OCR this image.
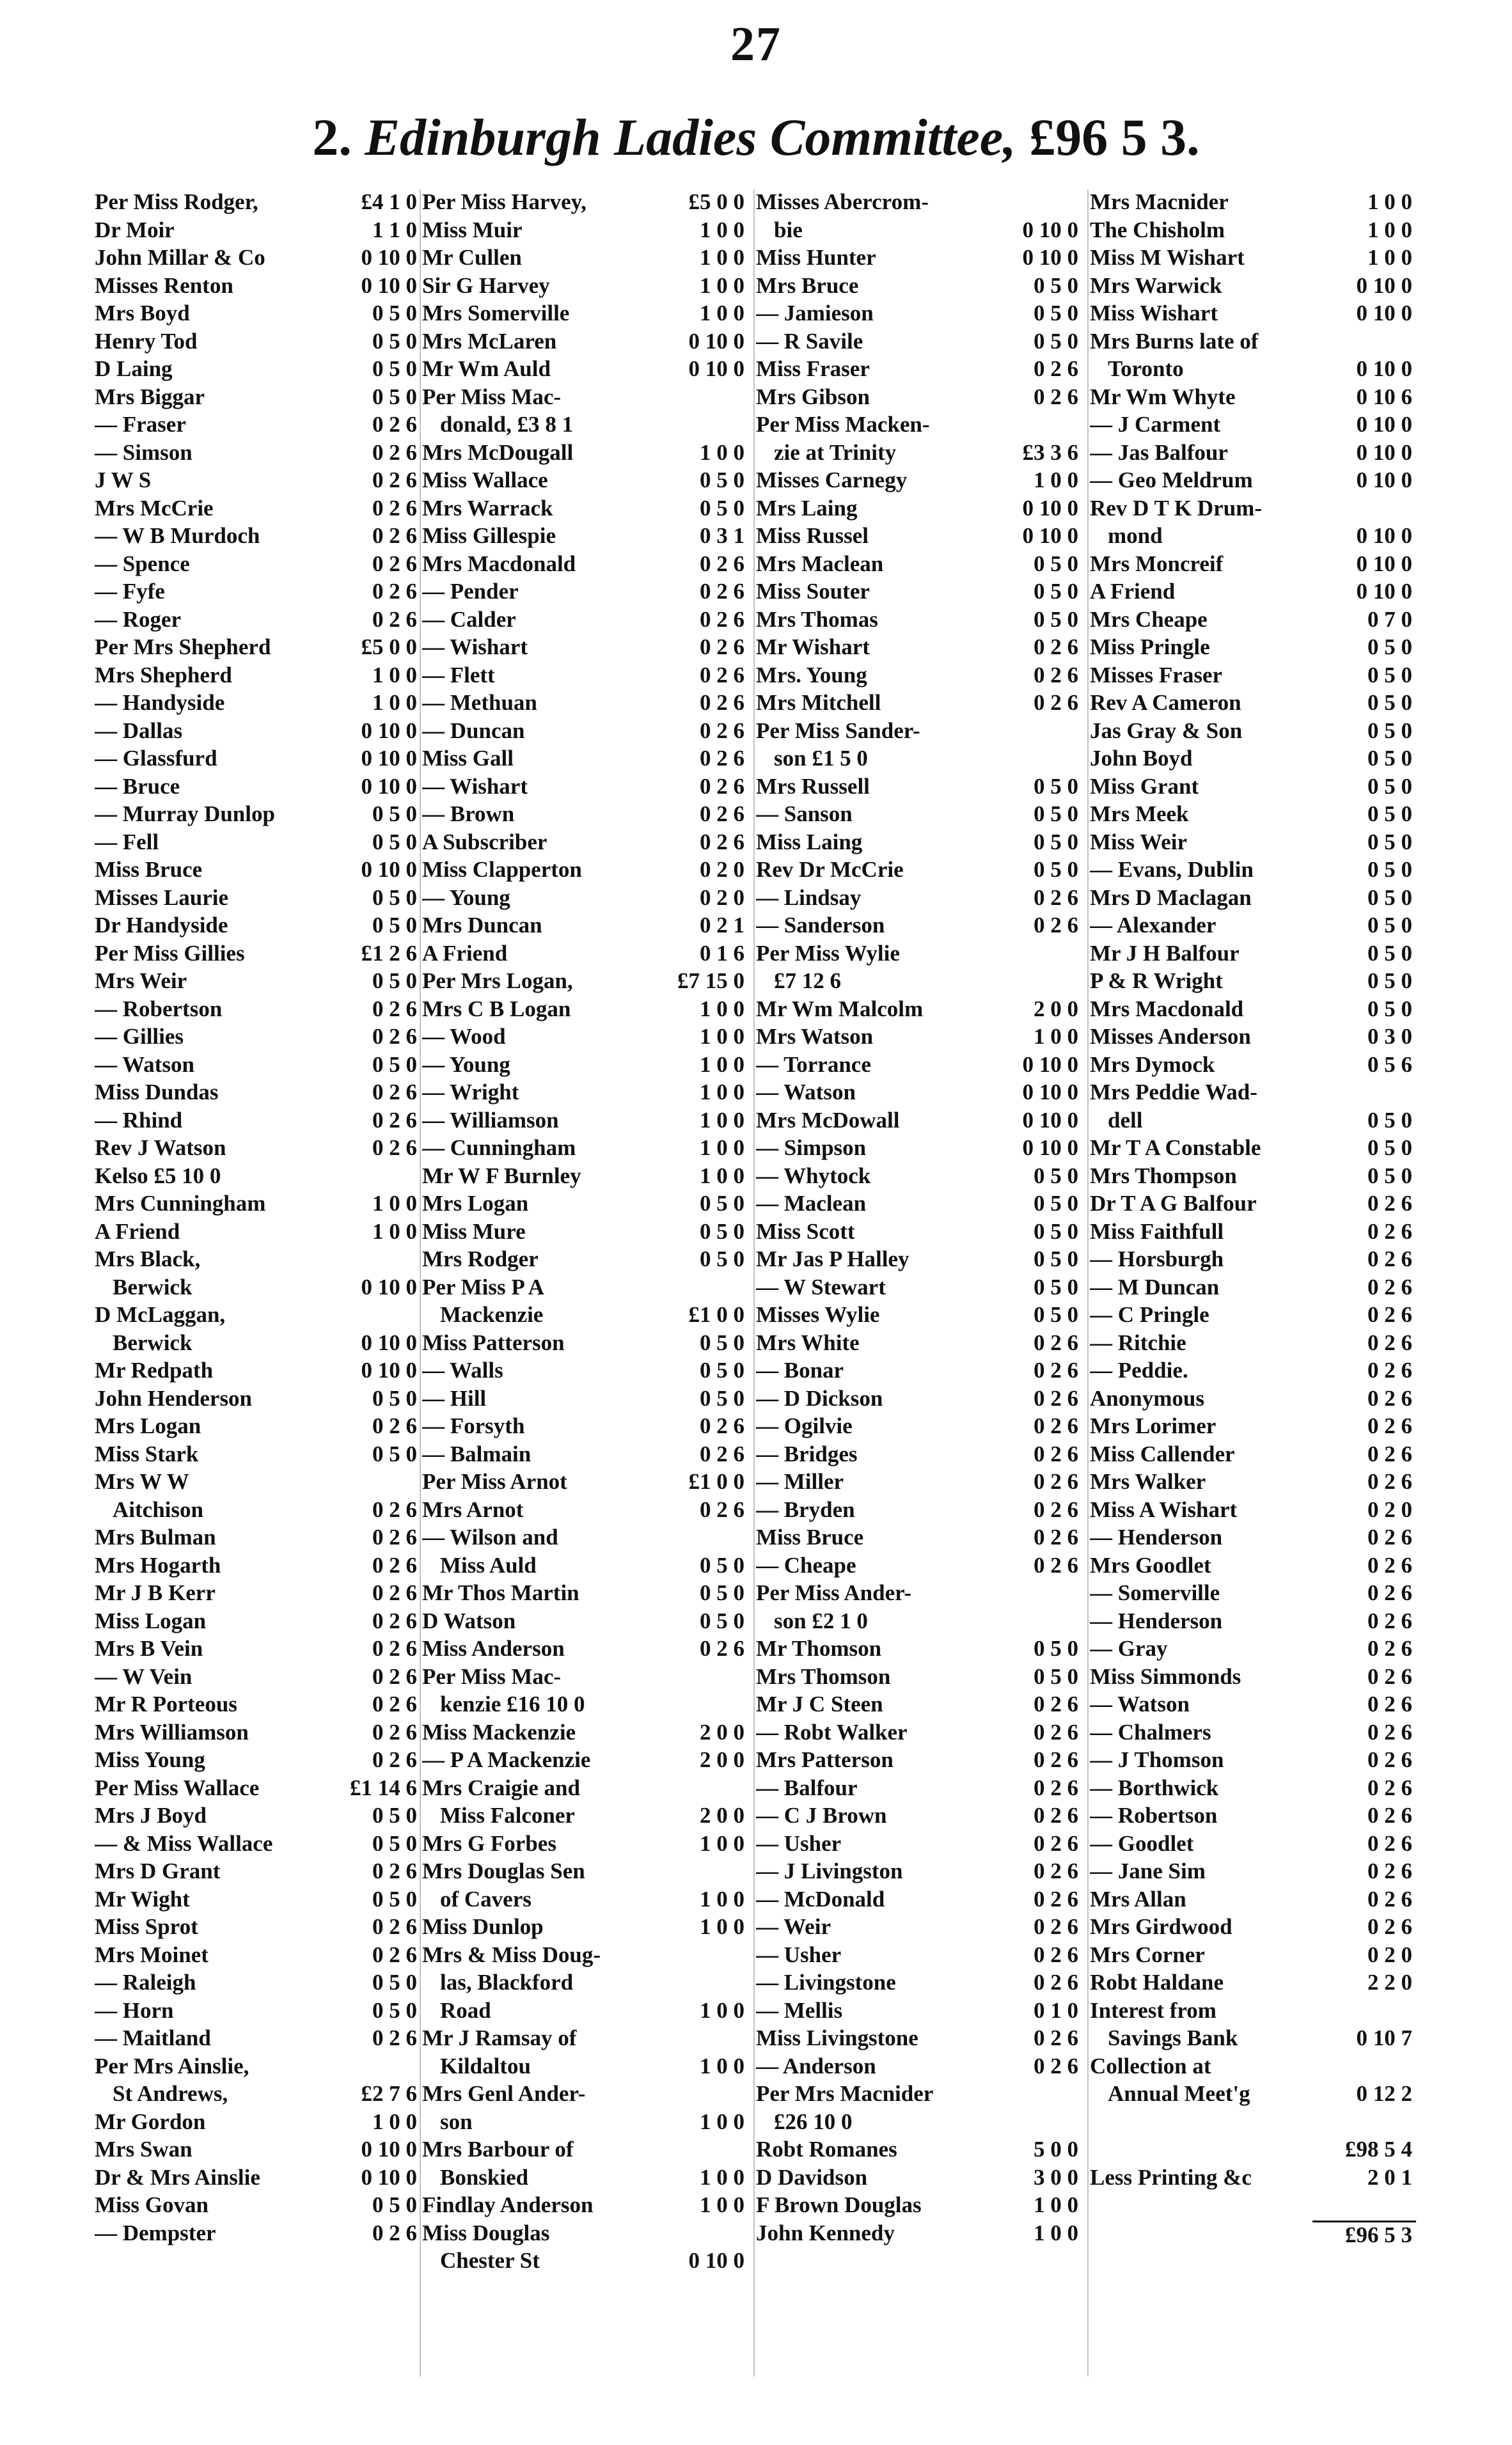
27
2. Edinburgh Ladies Committee, £96 5 3.
Per Miss Rodger,	£4 1 0
Dr Moir	1 1 0
John Millar & Co	0 10 0
Misses Renton	0 10 0
Mrs Boyd	0 5 0
Henry Tod	0 5 0
D Laing	0 5 0
Mrs Biggar	0 5 0
— Fraser	0 2 6
— Simson	0 2 6
J W S	0 2 6
Mrs McCrie	0 2 6
— W B Murdoch	0 2 6
— Spence	0 2 6
— Fyfe	0 2 6
— Roger	0 2 6
Per Mrs Shepherd	£5 0 0
Mrs Shepherd	1 0 0
— Handyside	1 0 0
— Dallas	0 10 0
— Glassfurd	0 10 0
— Bruce	0 10 0
— Murray Dunlop	0 5 0
— Fell	0 5 0
Miss Bruce	0 10 0
Misses Laurie	0 5 0
Dr Handyside	0 5 0
Per Miss Gillies	£1 2 6
Mrs Weir	0 5 0
— Robertson	0 2 6
— Gillies	0 2 6
— Watson	0 5 0
Miss Dundas	0 2 6
— Rhind	0 2 6
Rev J Watson	0 2 6
Kelso £5 10 0
Mrs Cunningham	1 0 0
A Friend	1 0 0
Mrs Black,
Berwick	0 10 0
D McLaggan,
Berwick	0 10 0
Mr Redpath	0 10 0
John Henderson	0 5 0
Mrs Logan	0 2 6
Miss Stark	0 5 0
Mrs W W
Aitchison	0 2 6
Mrs Bulman	0 2 6
Mrs Hogarth	0 2 6
Mr J B Kerr	0 2 6
Miss Logan	0 2 6
Mrs B Vein	0 2 6
— W Vein	0 2 6
Mr R Porteous	0 2 6
Mrs Williamson	0 2 6
Miss Young	0 2 6
Per Miss Wallace	£1 14 6
Mrs J Boyd	0 5 0
— & Miss Wallace	0 5 0
Mrs D Grant	0 2 6
Mr Wight	0 5 0
Miss Sprot	0 2 6
Mrs Moinet	0 2 6
— Raleigh	0 5 0
— Horn	0 5 0
— Maitland	0 2 6
Per Mrs Ainslie,
St Andrews,	£2 7 6
Mr Gordon	1 0 0
Mrs Swan	0 10 0
Dr & Mrs Ainslie	0 10 0
Miss Govan	0 5 0
— Dempster	0 2 6
Per Miss Harvey,	£5 0 0
Miss Muir	1 0 0
Mr Cullen	1 0 0
Sir G Harvey	1 0 0
Mrs Somerville	1 0 0
Mrs McLaren	0 10 0
Mr Wm Auld	0 10 0
Per Miss Mac-
donald, £3 8 1
Mrs McDougall	1 0 0
Miss Wallace	0 5 0
Mrs Warrack	0 5 0
Miss Gillespie	0 3 1
Mrs Macdonald	0 2 6
— Pender	0 2 6
— Calder	0 2 6
— Wishart	0 2 6
— Flett	0 2 6
— Methuan	0 2 6
— Duncan	0 2 6
Miss Gall	0 2 6
— Wishart	0 2 6
— Brown	0 2 6
A Subscriber	0 2 6
Miss Clapperton	0 2 0
— Young	0 2 0
Mrs Duncan	0 2 1
A Friend	0 1 6
Per Mrs Logan,	£7 15 0
Mrs C B Logan	1 0 0
— Wood	1 0 0
— Young	1 0 0
— Wright	1 0 0
— Williamson	1 0 0
— Cunningham	1 0 0
Mr W F Burnley	1 0 0
Mrs Logan	0 5 0
Miss Mure	0 5 0
Mrs Rodger	0 5 0
Per Miss P A
Mackenzie	£1 0 0
Miss Patterson	0 5 0
— Walls	0 5 0
— Hill	0 5 0
— Forsyth	0 2 6
— Balmain	0 2 6
Per Miss Arnot	£1 0 0
Mrs Arnot	0 2 6
— Wilson and
Miss Auld	0 5 0
Mr Thos Martin	0 5 0
D Watson	0 5 0
Miss Anderson	0 2 6
Per Miss Mac-
kenzie £16 10 0
Miss Mackenzie	2 0 0
— P A Mackenzie	2 0 0
Mrs Craigie and
Miss Falconer	2 0 0
Mrs G Forbes	1 0 0
Mrs Douglas Sen
of Cavers	1 0 0
Miss Dunlop	1 0 0
Mrs & Miss Doug-
las, Blackford
Road	1 0 0
Mr J Ramsay of
Kildaltou	1 0 0
Mrs Genl Ander-
son	1 0 0
Mrs Barbour of
Bonskied	1 0 0
Findlay Anderson	1 0 0
Miss Douglas
Chester St	0 10 0
Misses Abercrom-
bie	0 10 0
Miss Hunter	0 10 0
Mrs Bruce	0 5 0
— Jamieson	0 5 0
— R Savile	0 5 0
Miss Fraser	0 2 6
Mrs Gibson	0 2 6
Per Miss Macken-
zie at Trinity	£3 3 6
Misses Carnegy	1 0 0
Mrs Laing	0 10 0
Miss Russel	0 10 0
Mrs Maclean	0 5 0
Miss Souter	0 5 0
Mrs Thomas	0 5 0
Mr Wishart	0 2 6
Mrs. Young	0 2 6
Mrs Mitchell	0 2 6
Per Miss Sander-
son £1 5 0
Mrs Russell	0 5 0
— Sanson	0 5 0
Miss Laing	0 5 0
Rev Dr McCrie	0 5 0
— Lindsay	0 2 6
— Sanderson	0 2 6
Per Miss Wylie
£7 12 6
Mr Wm Malcolm	2 0 0
Mrs Watson	1 0 0
— Torrance	0 10 0
— Watson	0 10 0
Mrs McDowall	0 10 0
— Simpson	0 10 0
— Whytock	0 5 0
— Maclean	0 5 0
Miss Scott	0 5 0
Mr Jas P Halley	0 5 0
— W Stewart	0 5 0
Misses Wylie	0 5 0
Mrs White	0 2 6
— Bonar	0 2 6
— D Dickson	0 2 6
— Ogilvie	0 2 6
— Bridges	0 2 6
— Miller	0 2 6
— Bryden	0 2 6
Miss Bruce	0 2 6
— Cheape	0 2 6
Per Miss Ander-
son £2 1 0
Mr Thomson	0 5 0
Mrs Thomson	0 5 0
Mr J C Steen	0 2 6
— Robt Walker	0 2 6
Mrs Patterson	0 2 6
— Balfour	0 2 6
— C J Brown	0 2 6
— Usher	0 2 6
— J Livingston	0 2 6
— McDonald	0 2 6
— Weir	0 2 6
— Usher	0 2 6
— Livingstone	0 2 6
— Mellis	0 1 0
Miss Livingstone	0 2 6
— Anderson	0 2 6
Per Mrs Macnider
£26 10 0
Robt Romanes	5 0 0
D Davidson	3 0 0
F Brown Douglas	1 0 0
John Kennedy	1 0 0
Mrs Macnider	1 0 0
The Chisholm	1 0 0
Miss M Wishart	1 0 0
Mrs Warwick	0 10 0
Miss Wishart	0 10 0
Mrs Burns late of
Toronto	0 10 0
Mr Wm Whyte	0 10 6
— J Carment	0 10 0
— Jas Balfour	0 10 0
— Geo Meldrum	0 10 0
Rev D T K Drum-
mond	0 10 0
Mrs Moncreif	0 10 0
A Friend	0 10 0
Mrs Cheape	0 7 0
Miss Pringle	0 5 0
Misses Fraser	0 5 0
Rev A Cameron	0 5 0
Jas Gray & Son	0 5 0
John Boyd	0 5 0
Miss Grant	0 5 0
Mrs Meek	0 5 0
Miss Weir	0 5 0
— Evans, Dublin	0 5 0
Mrs D Maclagan	0 5 0
— Alexander	0 5 0
Mr J H Balfour	0 5 0
P & R Wright	0 5 0
Mrs Macdonald	0 5 0
Misses Anderson	0 3 0
Mrs Dymock	0 5 6
Mrs Peddie Wad-
dell	0 5 0
Mr T A Constable	0 5 0
Mrs Thompson	0 5 0
Dr T A G Balfour	0 2 6
Miss Faithfull	0 2 6
— Horsburgh	0 2 6
— M Duncan	0 2 6
— C Pringle	0 2 6
— Ritchie	0 2 6
— Peddie.	0 2 6
Anonymous	0 2 6
Mrs Lorimer	0 2 6
Miss Callender	0 2 6
Mrs Walker	0 2 6
Miss A Wishart	0 2 0
— Henderson	0 2 6
Mrs Goodlet	0 2 6
— Somerville	0 2 6
— Henderson	0 2 6
— Gray	0 2 6
Miss Simmonds	0 2 6
— Watson	0 2 6
— Chalmers	0 2 6
— J Thomson	0 2 6
— Borthwick	0 2 6
— Robertson	0 2 6
— Goodlet	0 2 6
— Jane Sim	0 2 6
Mrs Allan	0 2 6
Mrs Girdwood	0 2 6
Mrs Corner	0 2 0
Robt Haldane	2 2 0
Interest from
Savings Bank	0 10 7
Collection at
Annual Meet'g	0 12 2
£98 5 4
Less Printing &c	2 0 1
£96 5 3
